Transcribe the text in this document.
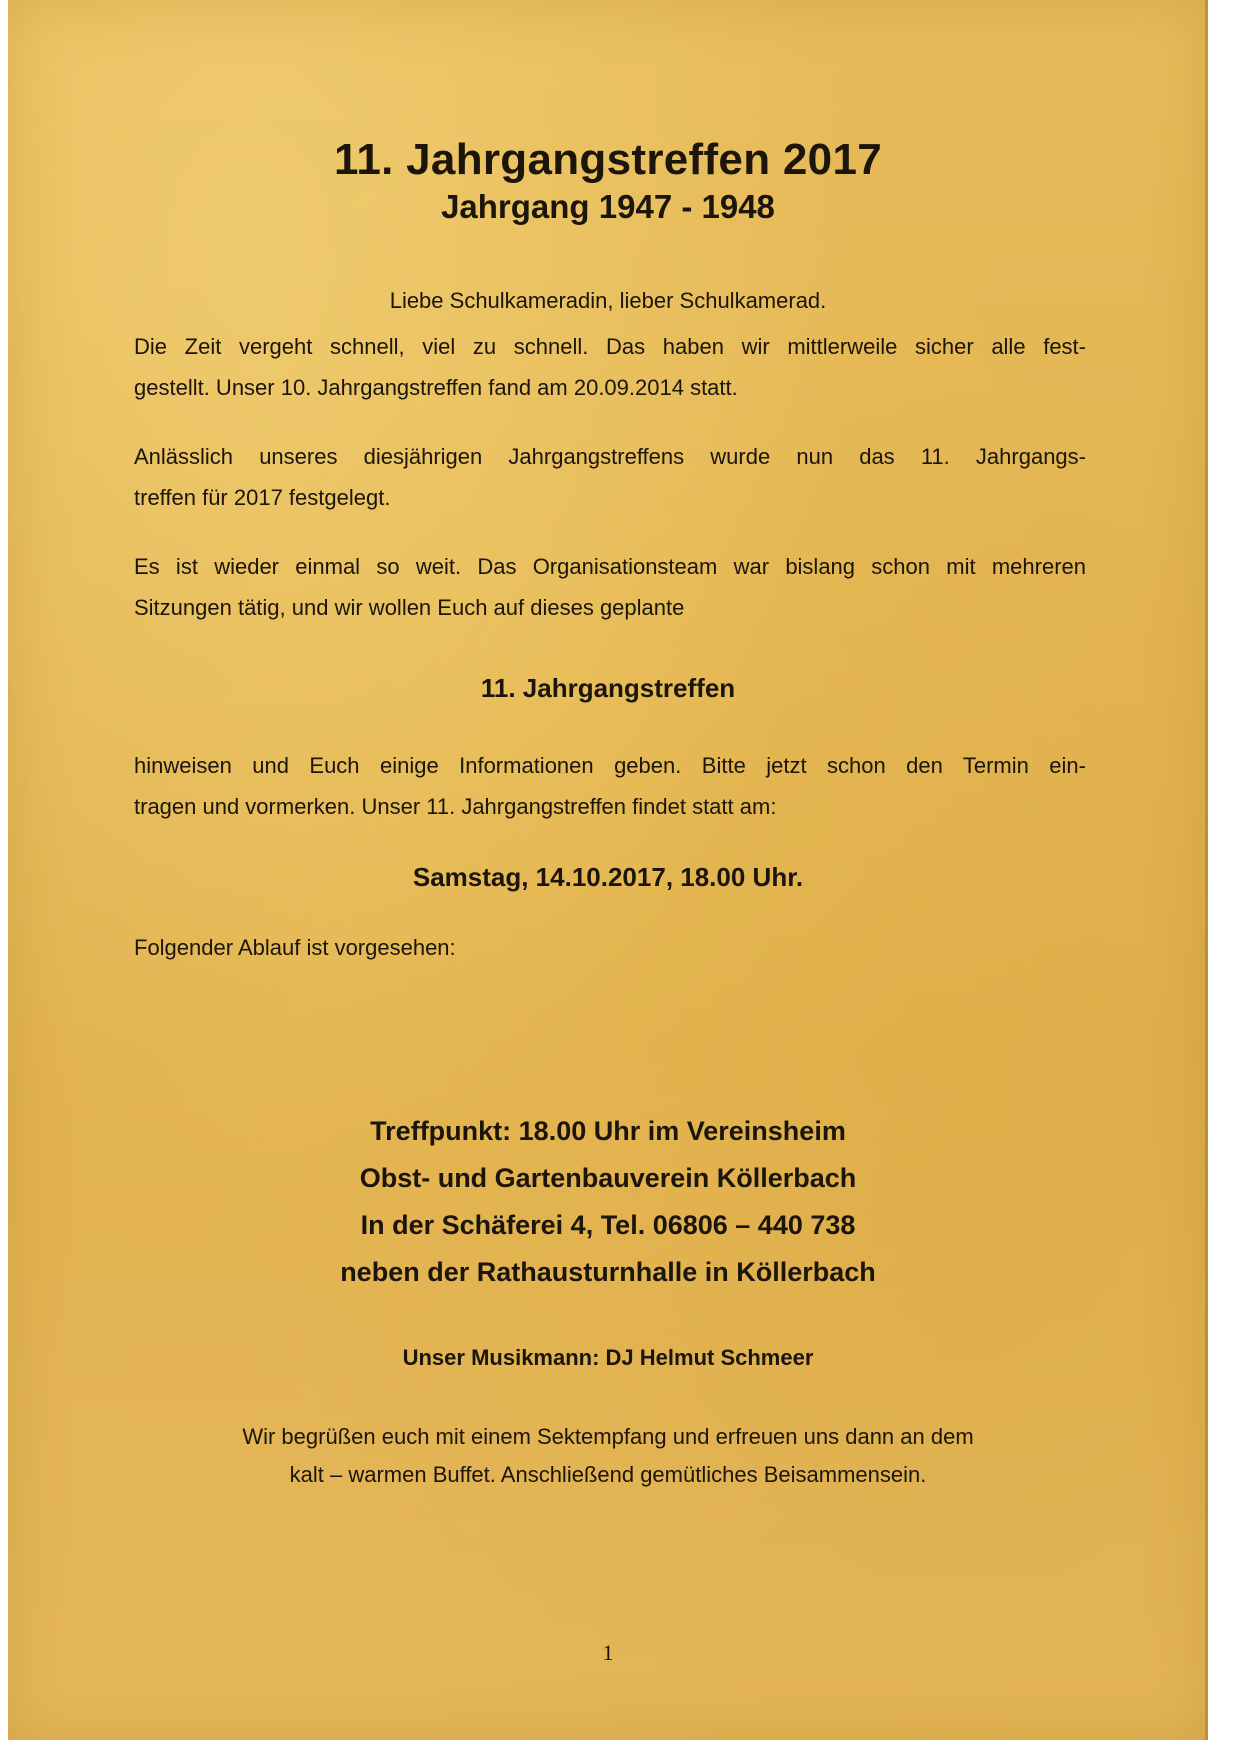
11. Jahrgangstreffen 2017
Jahrgang 1947 - 1948
Liebe Schulkameradin, lieber Schulkamerad.
Die Zeit vergeht schnell, viel zu schnell. Das haben wir mittlerweile sicher alle fest-
gestellt. Unser 10. Jahrgangstreffen fand am 20.09.2014 statt.
Anlässlich unseres diesjährigen Jahrgangstreffens wurde nun das 11. Jahrgangs-
treffen für 2017 festgelegt.
Es ist wieder einmal so weit. Das Organisationsteam war bislang schon mit mehreren
Sitzungen tätig, und wir wollen Euch auf dieses geplante
11. Jahrgangstreffen
hinweisen und Euch einige Informationen geben. Bitte jetzt schon den Termin ein-
tragen und vormerken. Unser 11. Jahrgangstreffen findet statt am:
Samstag, 14.10.2017, 18.00 Uhr.
Folgender Ablauf ist vorgesehen:
Treffpunkt: 18.00 Uhr im Vereinsheim
Obst- und Gartenbauverein Köllerbach
In der Schäferei 4, Tel. 06806 – 440 738
neben der Rathausturnhalle in Köllerbach
Unser Musikmann: DJ Helmut Schmeer
Wir begrüßen euch mit einem Sektempfang und erfreuen uns dann an dem
kalt – warmen Buffet. Anschließend gemütliches Beisammensein.
1
